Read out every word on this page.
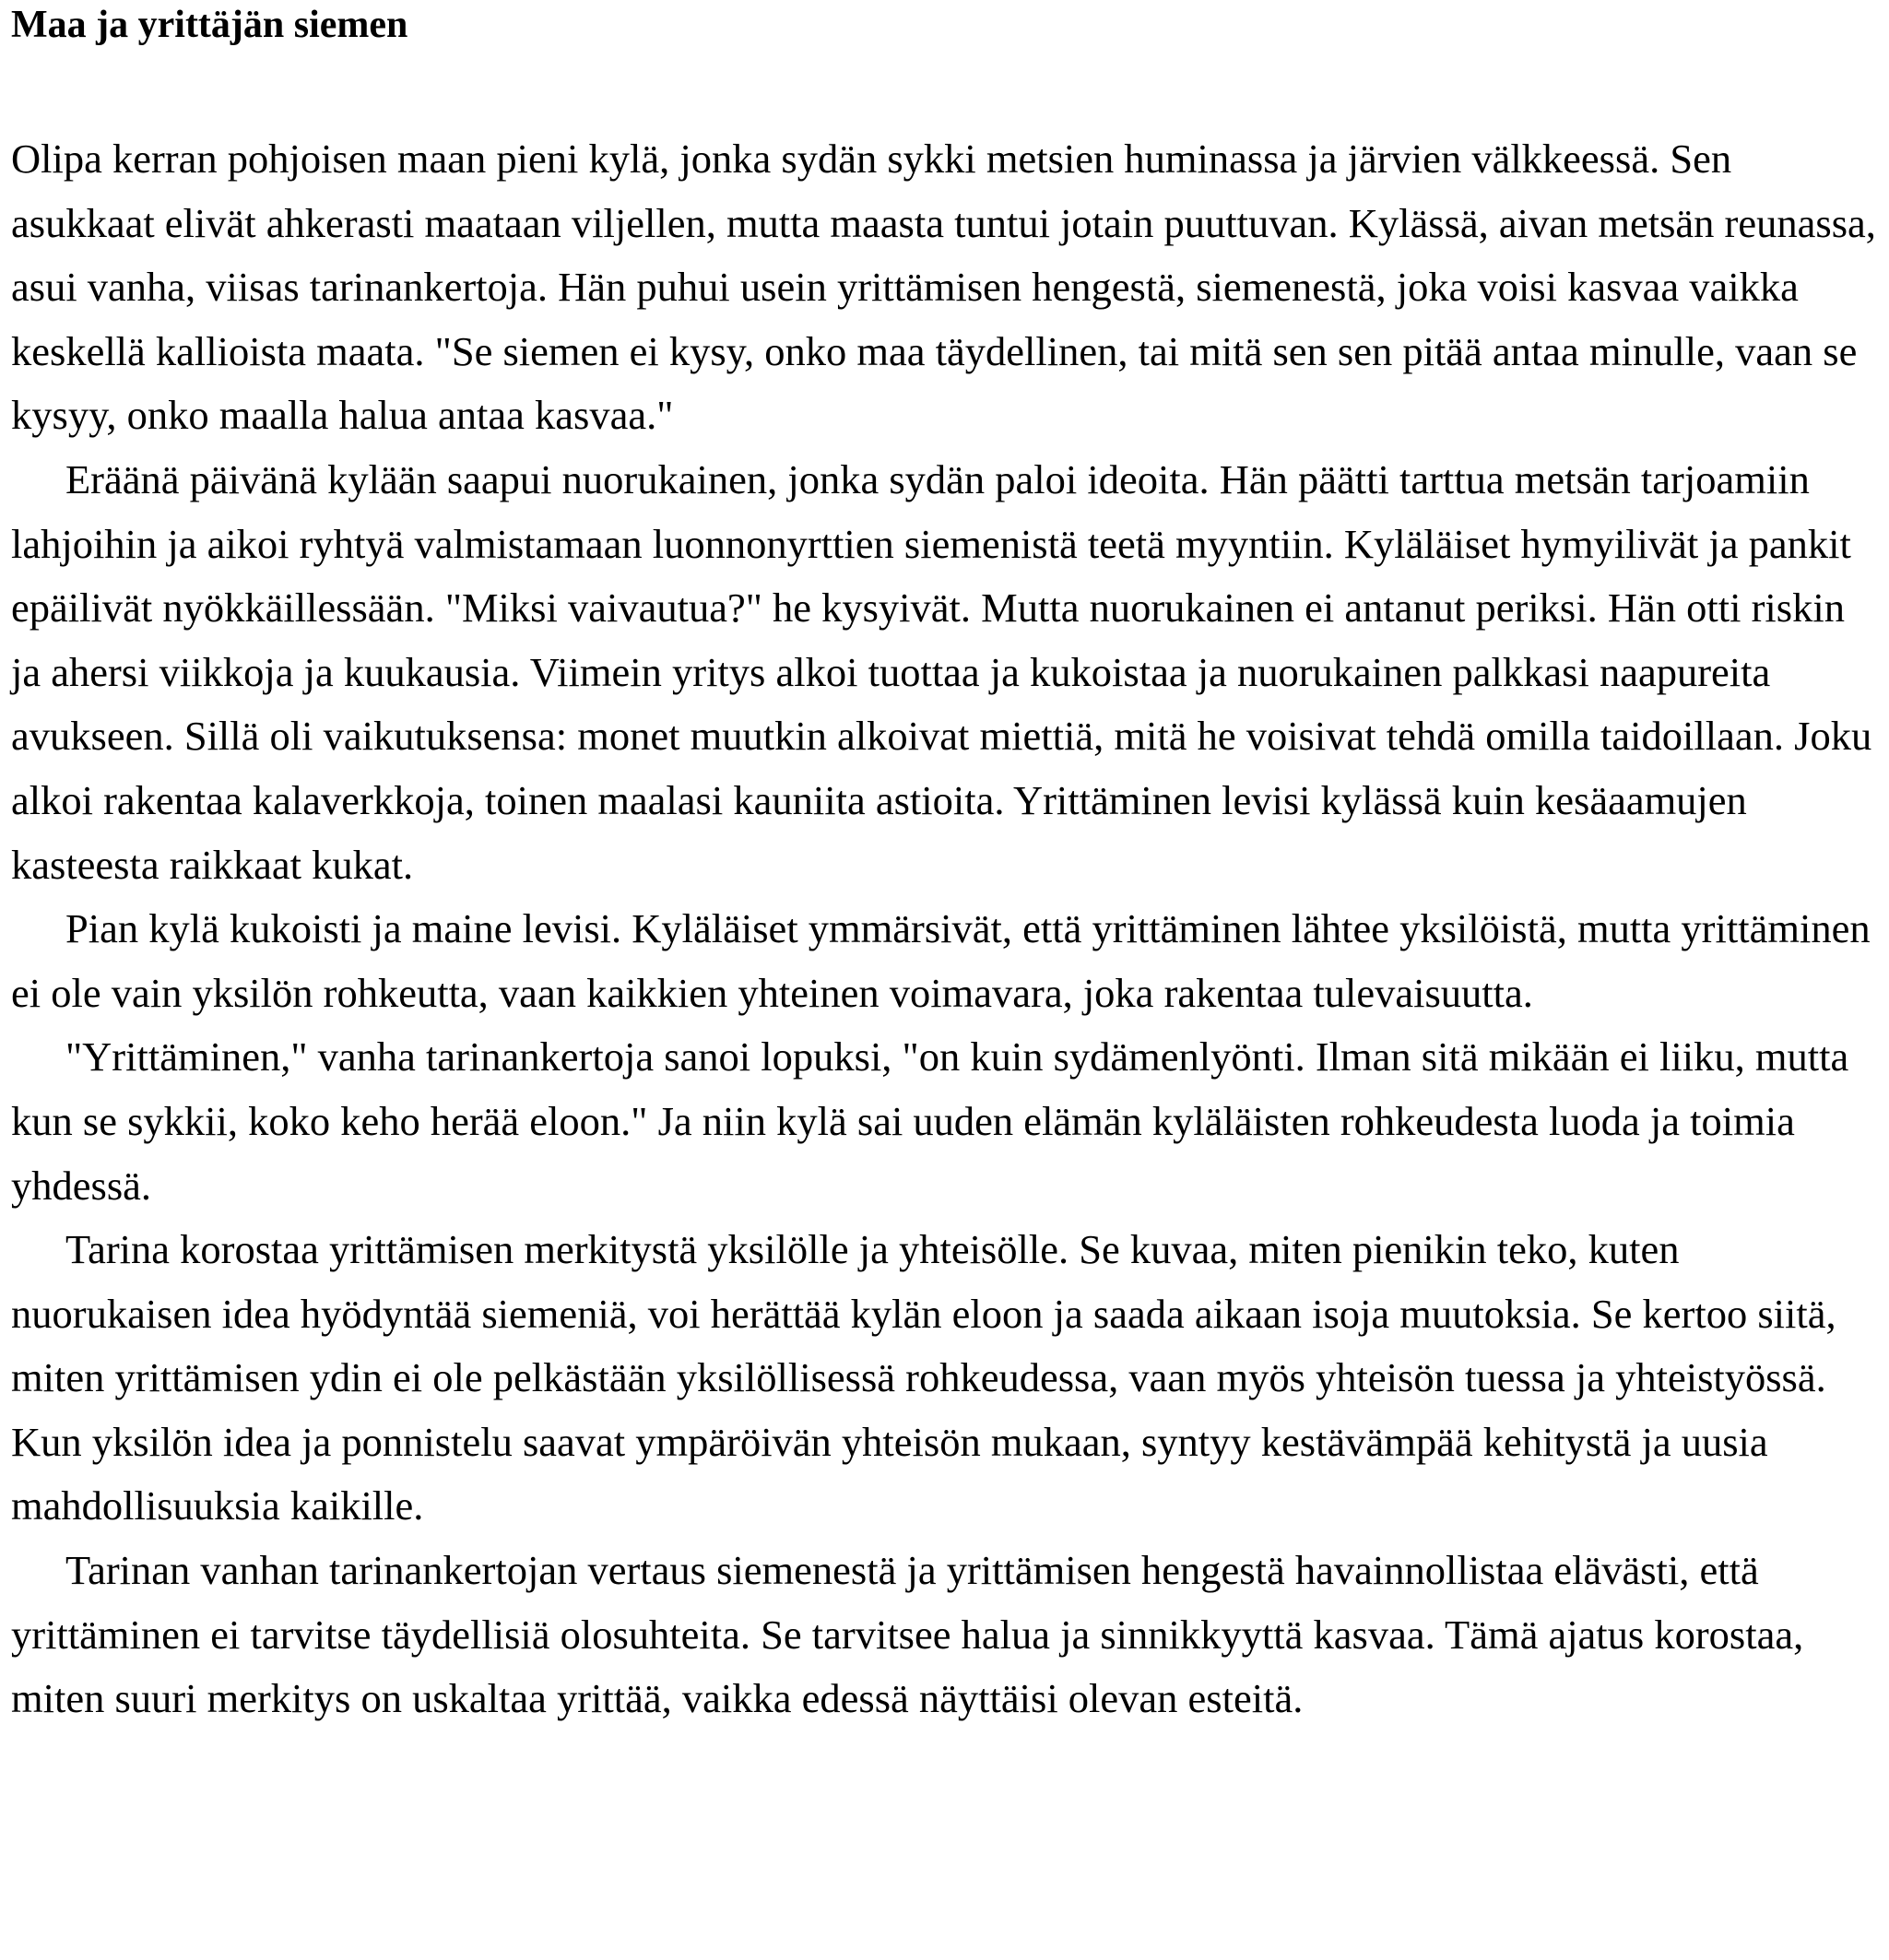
Maa ja yrittäjän siemen

Olipa kerran pohjoisen maan pieni kylä, jonka sydän sykki metsien huminassa ja järvien välkkeessä. Sen asukkaat elivät ahkerasti maataan viljellen, mutta maasta tuntui jotain puuttuvan. Kylässä, aivan metsän reunassa, asui vanha, viisas tarinankertoja. Hän puhui usein yrittämisen hengestä, siemenestä, joka voisi kasvaa vaikka keskellä kallioista maata. "Se siemen ei kysy, onko maa täydellinen, tai mitä sen sen pitää antaa minulle, vaan se kysyy, onko maalla halua antaa kasvaa."

Eräänä päivänä kylään saapui nuorukainen, jonka sydän paloi ideoita. Hän päätti tarttua metsän tarjoamiin lahjoihin ja aikoi ryhtyä valmistamaan luonnonyrttien siemenistä teetä myyntiin. Kyläläiset hymyilivät ja pankit epäilivät nyökkäillessään. "Miksi vaivautua?" he kysyivät. Mutta nuorukainen ei antanut periksi. Hän otti riskin ja ahersi viikkoja ja kuukausia. Viimein yritys alkoi tuottaa ja kukoistaa ja nuorukainen palkkasi naapureita avukseen. Sillä oli vaikutuksensa: monet muutkin alkoivat miettiä, mitä he voisivat tehdä omilla taidoillaan. Joku alkoi rakentaa kalaverkkoja, toinen maalasi kauniita astioita. Yrittäminen levisi kylässä kuin kesäaamujen kasteesta raikkaat kukat.

Pian kylä kukoisti ja maine levisi. Kyläläiset ymmärsivät, että yrittäminen lähtee yksilöistä, mutta yrittäminen ei ole vain yksilön rohkeutta, vaan kaikkien yhteinen voimavara, joka rakentaa tulevaisuutta.

"Yrittäminen," vanha tarinankertoja sanoi lopuksi, "on kuin sydämenlyönti. Ilman sitä mikään ei liiku, mutta kun se sykkii, koko keho herää eloon." Ja niin kylä sai uuden elämän kyläläisten rohkeudesta luoda ja toimia yhdessä.

Tarina korostaa yrittämisen merkitystä yksilölle ja yhteisölle. Se kuvaa, miten pienikin teko, kuten nuorukaisen idea hyödyntää siemeniä, voi herättää kylän eloon ja saada aikaan isoja muutoksia. Se kertoo siitä, miten yrittämisen ydin ei ole pelkästään yksilöllisessä rohkeudessa, vaan myös yhteisön tuessa ja yhteistyössä. Kun yksilön idea ja ponnistelu saavat ympäröivän yhteisön mukaan, syntyy kestävämpää kehitystä ja uusia mahdollisuuksia kaikille.

Tarinan vanhan tarinankertojan vertaus siemenestä ja yrittämisen hengestä havainnollistaa elävästi, että yrittäminen ei tarvitse täydellisiä olosuhteita. Se tarvitsee halua ja sinnikkyyttä kasvaa. Tämä ajatus korostaa, miten suuri merkitys on uskaltaa yrittää, vaikka edessä näyttäisi olevan esteitä.
